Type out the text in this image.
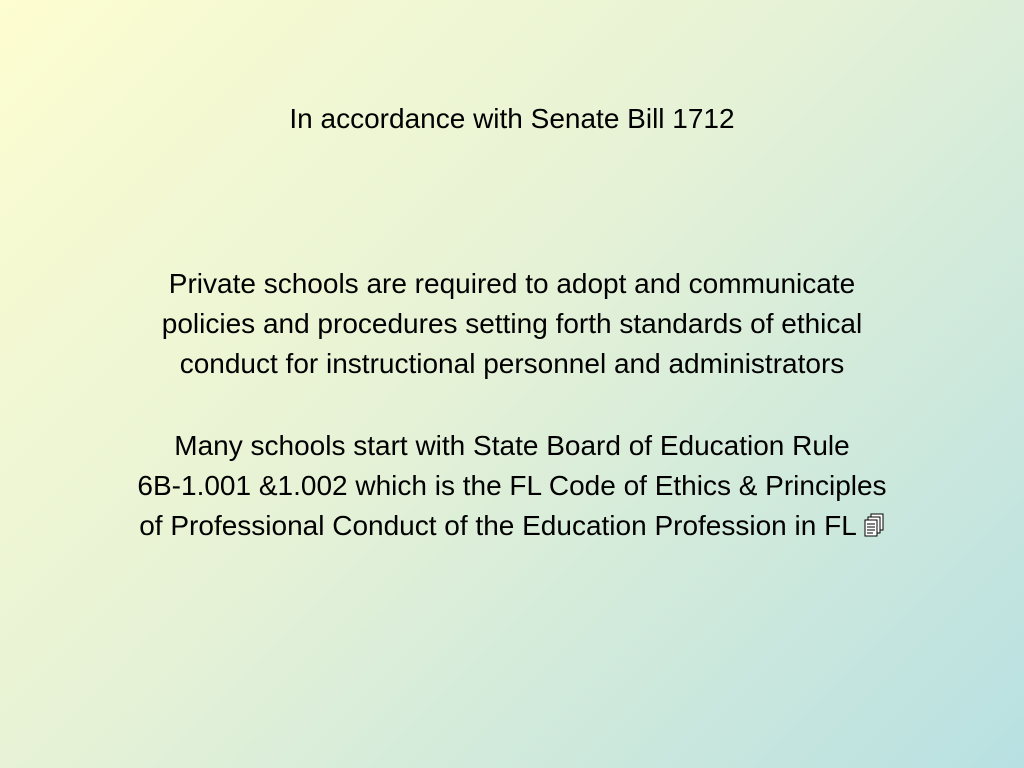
In accordance with Senate Bill 1712
Private schools are required to adopt and communicate
policies and procedures setting forth standards of ethical
conduct for instructional personnel and administrators
Many schools start with State Board of Education Rule
6B-1.001 &1.002 which is the FL Code of Ethics & Principles
of Professional Conduct of the Education Profession in FL
